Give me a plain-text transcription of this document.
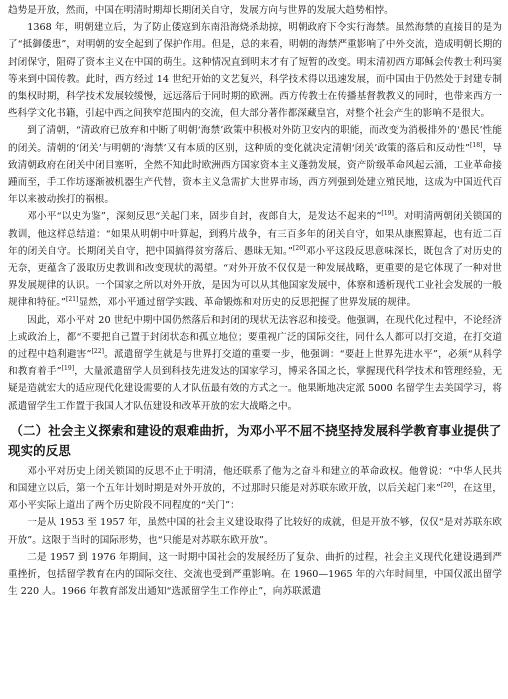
趋势是开放，然而，中国在明清时期却长期闭关自守，发展方向与世界的发展大趋势相悖。

1368 年，明朝建立后，为了防止倭寇到东南沿海烧杀劫掠，明朝政府下令实行海禁。虽然海禁的直接目的是为了“抵御倭患”，对明朝的安全起到了保护作用。但是，总的来看，明朝的海禁严重影响了中外交流，造成明朝长期的封闭保守，阻碍了资本主义在中国的萌生。这种情况直到明末才有了短暂的改变。明末清初西方耶稣会传教士利玛窦等来到中国传教。此时，西方经过 14 世纪开始的文艺复兴，科学技术得以迅速发展，而中国由于仍然处于封建专制的集权时期，科学技术发展较缓慢，远远落后于同时期的欧洲。西方传教士在传播基督教教义的同时，也带来西方一些科学文化书籍，引起中西之间狭窄范围内的交流，但大部分著作都深藏皇宫，对整个社会产生的影响不是很大。

到了清朝，“清政府已放弃和中断了明朝‘海禁’政策中积极对外防卫安内的职能，而改变为消极排外的‘愚民’性能的闭关。清朝的‘闭关’与明朝的‘海禁’又有本质的区别，这种质的变化就决定清朝‘闭关’政策的落后和反动性”[18]，导致清朝政府在闭关中闭目塞听，全然不知此时欧洲西方国家资本主义蓬勃发展，资产阶级革命风起云涌，工业革命接踵而至，手工作坊逐渐被机器生产代替，资本主义急需扩大世界市场，西方列强到处建立殖民地，这成为中国近代百年以来被动挨打的祸根。

邓小平“以史为鉴”，深刻反思“关起门来，固步自封，夜郎自大，是发达不起来的”[19]。对明清两朝闭关锁国的教训，他这样总结道：“如果从明朝中叶算起，到鸦片战争，有三百多年的闭关自守，如果从康熙算起，也有近二百年的闭关自守。长期闭关自守，把中国搞得贫穷落后、愚昧无知。”[20]邓小平这段反思意味深长，既包含了对历史的无奈，更蕴含了汲取历史教训和改变现状的渴望。“对外开放不仅仅是一种发展战略，更重要的是它体现了一种对世界发展规律的认识。一个国家之所以对外开放，是因为可以从其他国家发展中，体察和透析现代工业社会发展的一般规律和特征。”[21]显然，邓小平通过留学实践、革命锻炼和对历史的反思把握了世界发展的规律。

因此，邓小平对 20 世纪中期中国仍然落后和封闭的现状无法容忍和接受。他强调，在现代化过程中，不论经济上或政治上，都“不要把自己置于封闭状态和孤立地位；要重视广泛的国际交往，同什么人都可以打交道，在打交道的过程中趋利避害”[22]。派遣留学生就是与世界打交道的重要一步，他强调：“要赶上世界先进水平”，必须“从科学和教育着手”[19]，大量派遣留学人员到科技先进发达的国家学习，博采各国之长，掌握现代科学技术和管理经验，无疑是造就宏大的适应现代化建设需要的人才队伍最有效的方式之一。他果断地决定派 5000 名留学生去美国学习，将派遣留学生工作置于我国人才队伍建设和改革开放的宏大战略之中。

（二）社会主义探索和建设的艰难曲折，为邓小平不屈不挠坚持发展科学教育事业提供了现实的反思

邓小平对历史上闭关锁国的反思不止于明清，他还联系了他为之奋斗和建立的革命政权。他曾说：“中华人民共和国建立以后，第一个五年计划时期是对外开放的，不过那时只能是对苏联东欧开放，以后关起门来”[20]，在这里，邓小平实际上道出了两个历史阶段不同程度的“关门”：

一是从 1953 至 1957 年，虽然中国的社会主义建设取得了比较好的成就，但是开放不够，仅仅“是对苏联东欧开放”。这限于当时的国际形势，也“只能是对苏联东欧开放”。

二是 1957 到 1976 年期间，这一时期中国社会的发展经历了复杂、曲折的过程，社会主义现代化建设遇到严重挫折，包括留学教育在内的国际交往、交流也受到严重影响。在 1960—1965 年的六年时间里，中国仅派出留学生 220 人。1966 年教育部发出通知“选派留学生工作停止”，向苏联派遣
